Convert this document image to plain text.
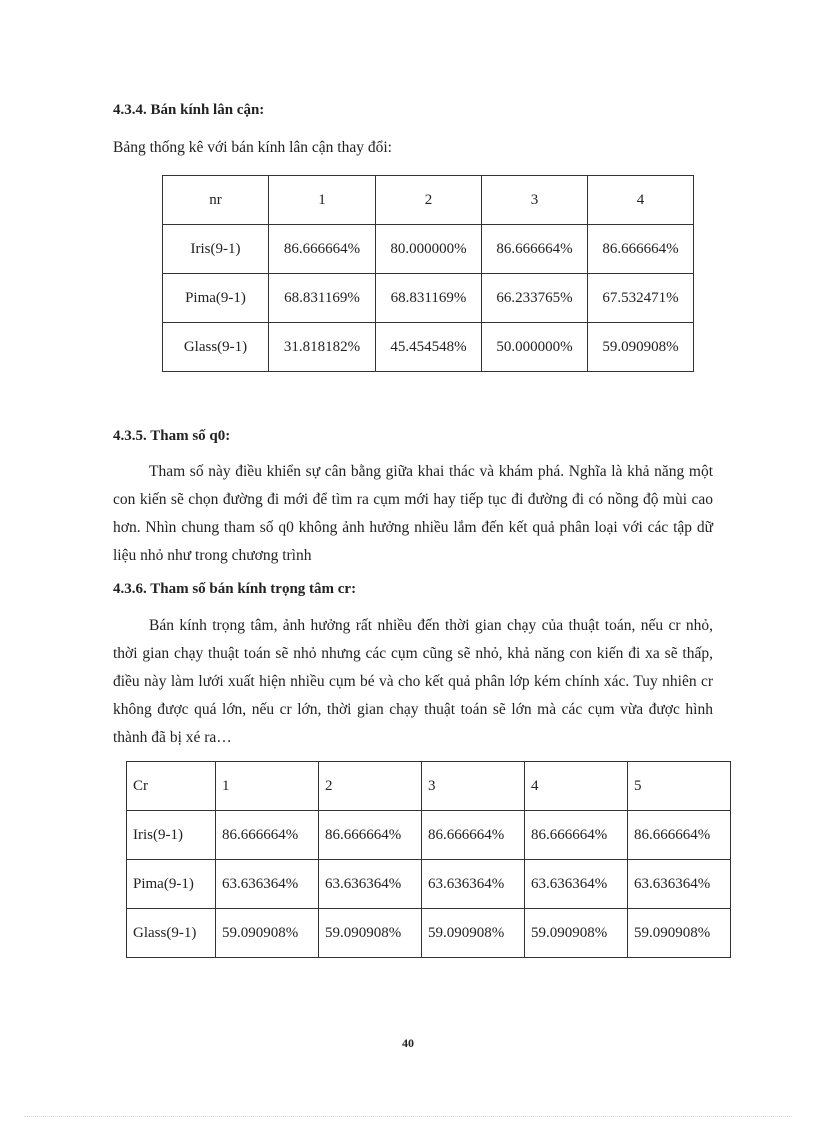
4.3.4. Bán kính lân cận:

Bảng thống kê với bán kính lân cận thay đổi:

nr	1	2	3	4
Iris(9-1)	86.666664%	80.000000%	86.666664%	86.666664%
Pima(9-1)	68.831169%	68.831169%	66.233765%	67.532471%
Glass(9-1)	31.818182%	45.454548%	50.000000%	59.090908%
4.3.5. Tham số q0:

Tham số này điều khiển sự cân bằng giữa khai thác và khám phá. Nghĩa là khả năng một con kiến sẽ chọn đường đi mới để tìm ra cụm mới hay tiếp tục đi đường đi có nồng độ mùi cao hơn. Nhìn chung tham số q0 không ảnh hưởng nhiều lắm đến kết quả phân loại với các tập dữ liệu nhỏ như trong chương trình

4.3.6. Tham số bán kính trọng tâm cr:

Bán kính trọng tâm, ảnh hưởng rất nhiều đến thời gian chạy của thuật toán, nếu cr nhỏ, thời gian chạy thuật toán sẽ nhỏ nhưng các cụm cũng sẽ nhỏ, khả năng con kiến đi xa sẽ thấp, điều này làm lưới xuất hiện nhiều cụm bé và cho kết quả phân lớp kém chính xác. Tuy nhiên cr không được quá lớn, nếu cr lớn, thời gian chạy thuật toán sẽ lớn mà các cụm vừa được hình thành đã bị xé ra…

Cr	1	2	3	4	5
Iris(9-1)	86.666664%	86.666664%	86.666664%	86.666664%	86.666664%
Pima(9-1)	63.636364%	63.636364%	63.636364%	63.636364%	63.636364%
Glass(9-1)	59.090908%	59.090908%	59.090908%	59.090908%	59.090908%
40
